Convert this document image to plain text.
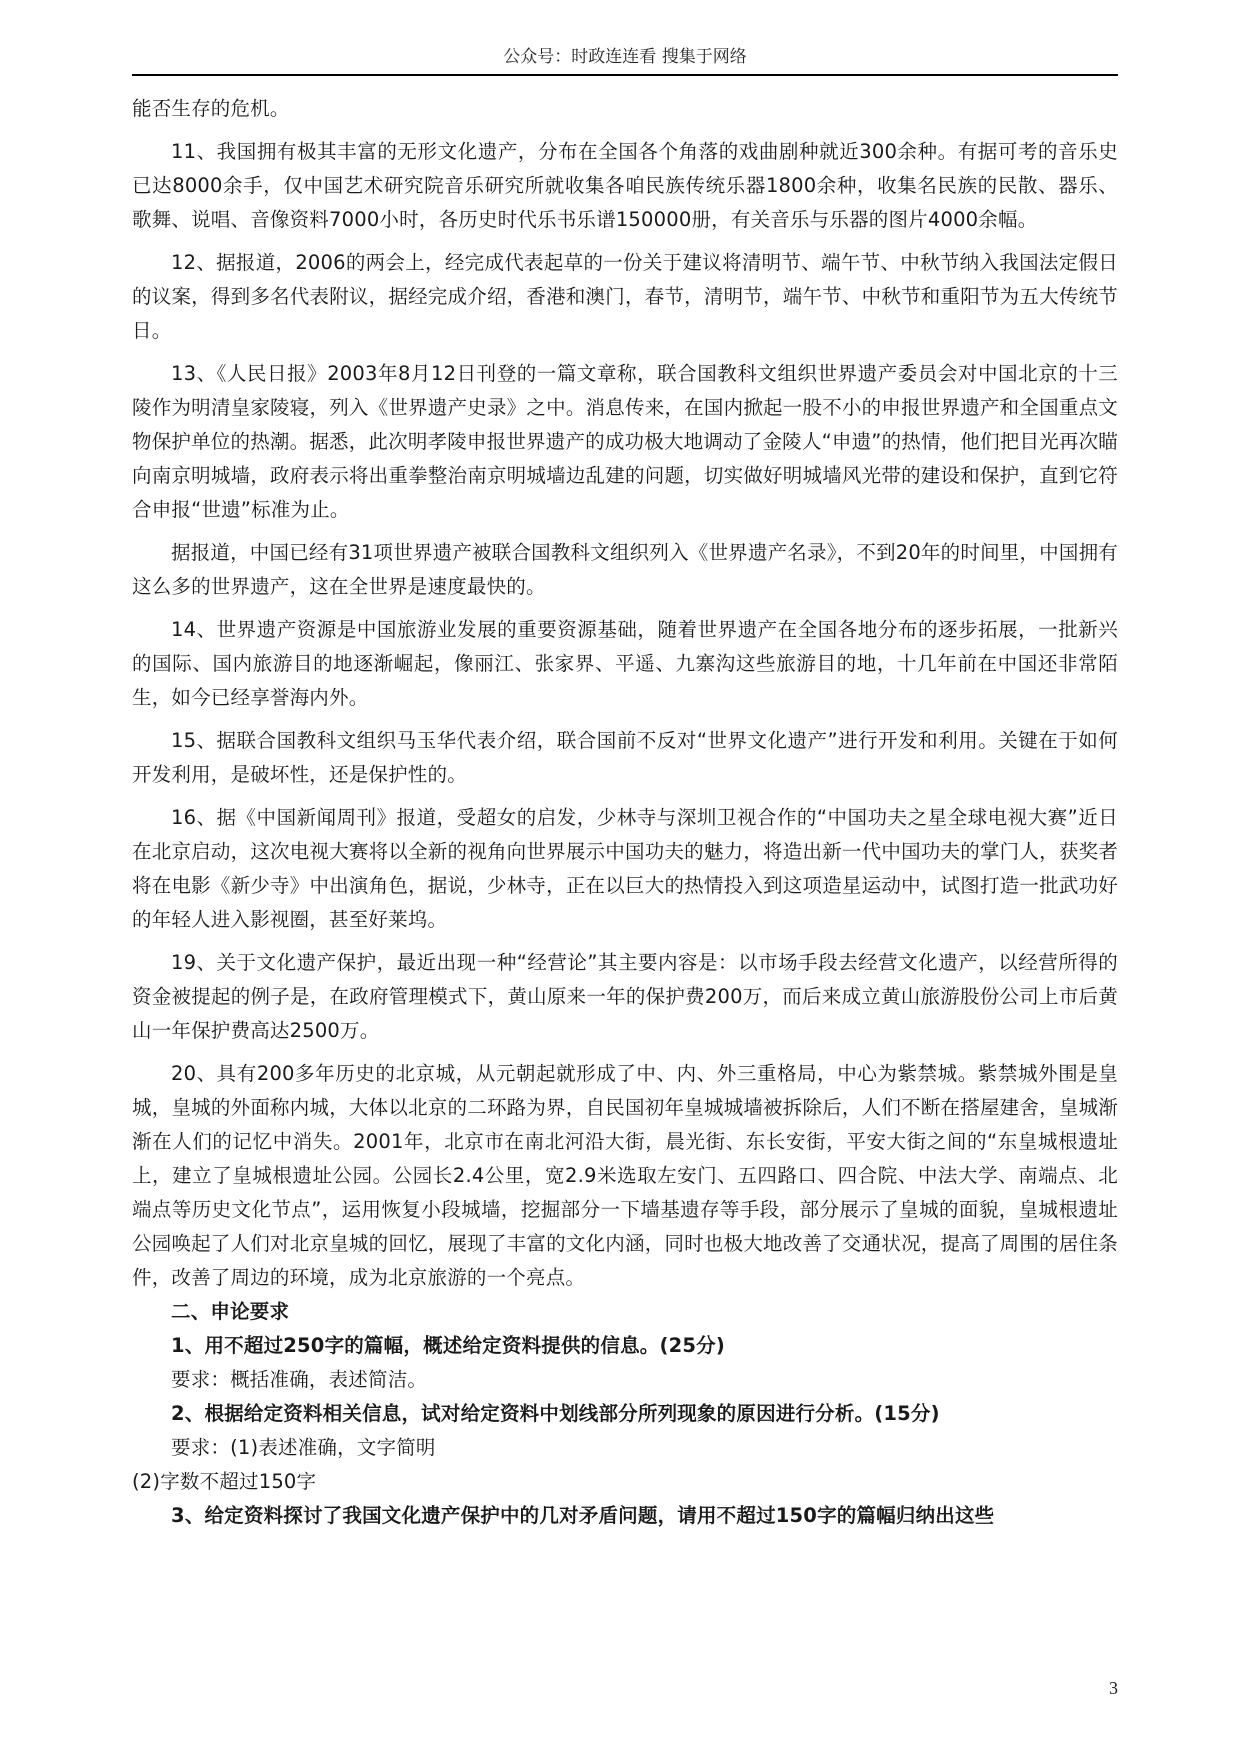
公众号：时政连连看 搜集于网络

能否生存的危机。

11、我国拥有极其丰富的无形文化遗产，分布在全国各个角落的戏曲剧种就近300余种。有据可考的音乐史已达8000余手，仅中国艺术研究院音乐研究所就收集各咱民族传统乐器1800余种，收集名民族的民散、器乐、歌舞、说唱、音像资料7000小时，各历史时代乐书乐谱150000册，有关音乐与乐器的图片4000余幅。

12、据报道，2006的两会上，经完成代表起草的一份关于建议将清明节、端午节、中秋节纳入我国法定假日的议案，得到多名代表附议，据经完成介绍，香港和澳门，春节，清明节，端午节、中秋节和重阳节为五大传统节日。

13、《人民日报》2003年8月12日刊登的一篇文章称，联合国教科文组织世界遗产委员会对中国北京的十三陵作为明清皇家陵寝，列入《世界遗产史录》之中。消息传来，在国内掀起一股不小的申报世界遗产和全国重点文物保护单位的热潮。据悉，此次明孝陵申报世界遗产的成功极大地调动了金陵人“申遗”的热情，他们把目光再次瞄向南京明城墙，政府表示将出重拳整治南京明城墙边乱建的问题，切实做好明城墙风光带的建设和保护，直到它符合申报“世遗”标准为止。

据报道，中国已经有31项世界遗产被联合国教科文组织列入《世界遗产名录》，不到20年的时间里，中国拥有这么多的世界遗产，这在全世界是速度最快的。

14、世界遗产资源是中国旅游业发展的重要资源基础，随着世界遗产在全国各地分布的逐步拓展，一批新兴的国际、国内旅游目的地逐渐崛起，像丽江、张家界、平遥、九寨沟这些旅游目的地，十几年前在中国还非常陌生，如今已经享誉海内外。

15、据联合国教科文组织马玉华代表介绍，联合国前不反对“世界文化遗产”进行开发和利用。关键在于如何开发利用，是破坏性，还是保护性的。

16、据《中国新闻周刊》报道，受超女的启发，少林寺与深圳卫视合作的“中国功夫之星全球电视大赛”近日在北京启动，这次电视大赛将以全新的视角向世界展示中国功夫的魅力，将造出新一代中国功夫的掌门人，获奖者将在电影《新少寺》中出演角色，据说，少林寺，正在以巨大的热情投入到这项造星运动中，试图打造一批武功好的年轻人进入影视圈，甚至好莱坞。

19、关于文化遗产保护，最近出现一种“经营论”其主要内容是：以市场手段去经营文化遗产，以经营所得的资金被提起的例子是，在政府管理模式下，黄山原来一年的保护费200万，而后来成立黄山旅游股份公司上市后黄山一年保护费高达2500万。

20、具有200多年历史的北京城，从元朝起就形成了中、内、外三重格局，中心为紫禁城。紫禁城外围是皇城，皇城的外面称内城，大体以北京的二环路为界，自民国初年皇城城墙被拆除后，人们不断在搭屋建舍，皇城渐渐在人们的记忆中消失。2001年，北京市在南北河沿大街，晨光街、东长安街，平安大街之间的“东皇城根遗址上，建立了皇城根遗址公园。公园长2.4公里，宽2.9米选取左安门、五四路口、四合院、中法大学、南端点、北端点等历史文化节点”，运用恢复小段城墙，挖掘部分一下墙基遗存等手段，部分展示了皇城的面貌，皇城根遗址公园唤起了人们对北京皇城的回忆，展现了丰富的文化内涵，同时也极大地改善了交通状况，提高了周围的居住条件，改善了周边的环境，成为北京旅游的一个亮点。

二、申论要求
1、用不超过250字的篇幅，概述给定资料提供的信息。(25分)
要求：概括准确，表述简洁。
2、根据给定资料相关信息，试对给定资料中划线部分所列现象的原因进行分析。(15分)
要求：(1)表述准确，文字简明
(2)字数不超过150字
3、给定资料探讨了我国文化遗产保护中的几对矛盾问题，请用不超过150字的篇幅归纳出这些
3
